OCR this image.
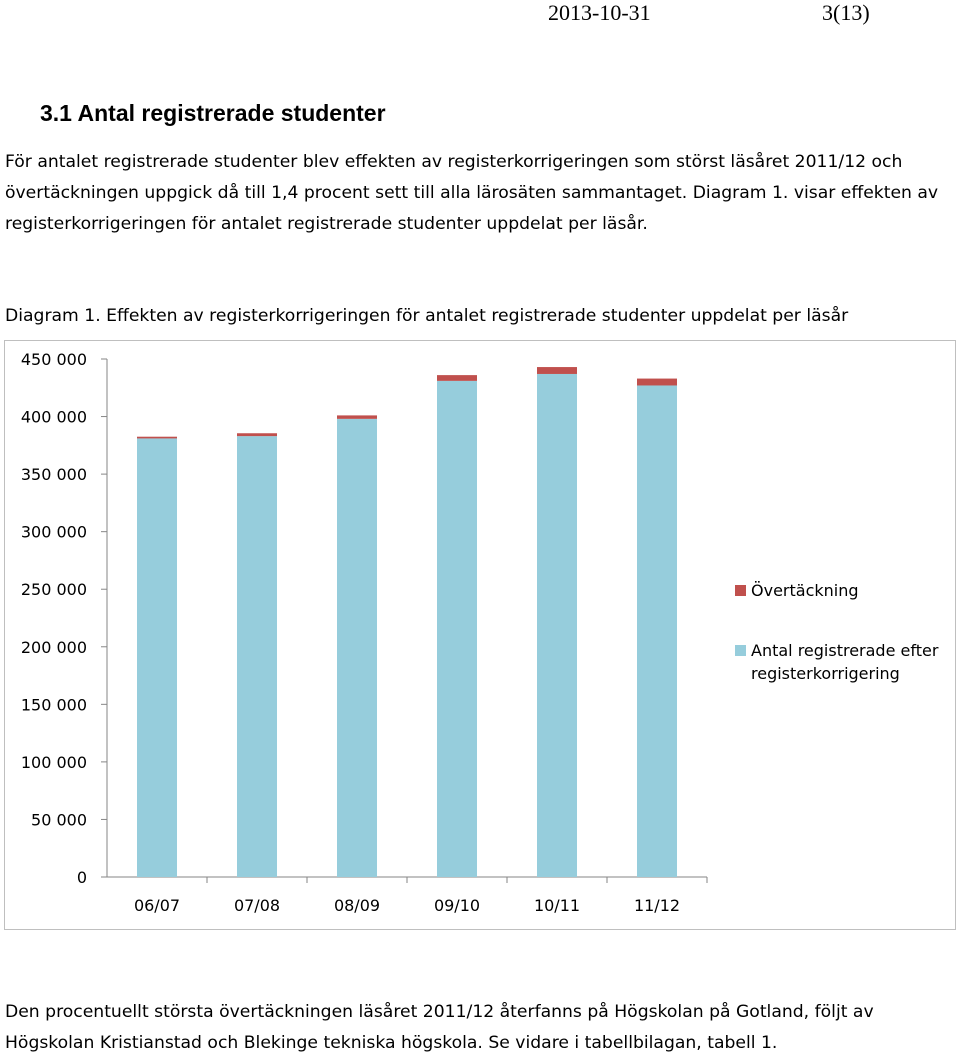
2013-10-31	3(13)
3.1 Antal registrerade studenter

För antalet registrerade studenter blev effekten av registerkorrigeringen som störst läsåret 2011/12 och övertäckningen uppgick då till 1,4 procent sett till alla lärosäten sammantaget. Diagram 1. visar effekten av registerkorrigeringen för antalet registrerade studenter uppdelat per läsår.

Diagram 1. Effekten av registerkorrigeringen för antalet registrerade studenter uppdelat per läsår
0
50 000
100 000
150 000
200 000
250 000
300 000
350 000
400 000
450 000
06/07	07/08	08/09	09/10	10/11	11/12
Övertäckning
Antal registrerade efter registerkorrigering

Den procentuellt största övertäckningen läsåret 2011/12 återfanns på Högskolan på Gotland, följt av Högskolan Kristianstad och Blekinge tekniska högskola. Se vidare i tabellbilagan, tabell 1.
